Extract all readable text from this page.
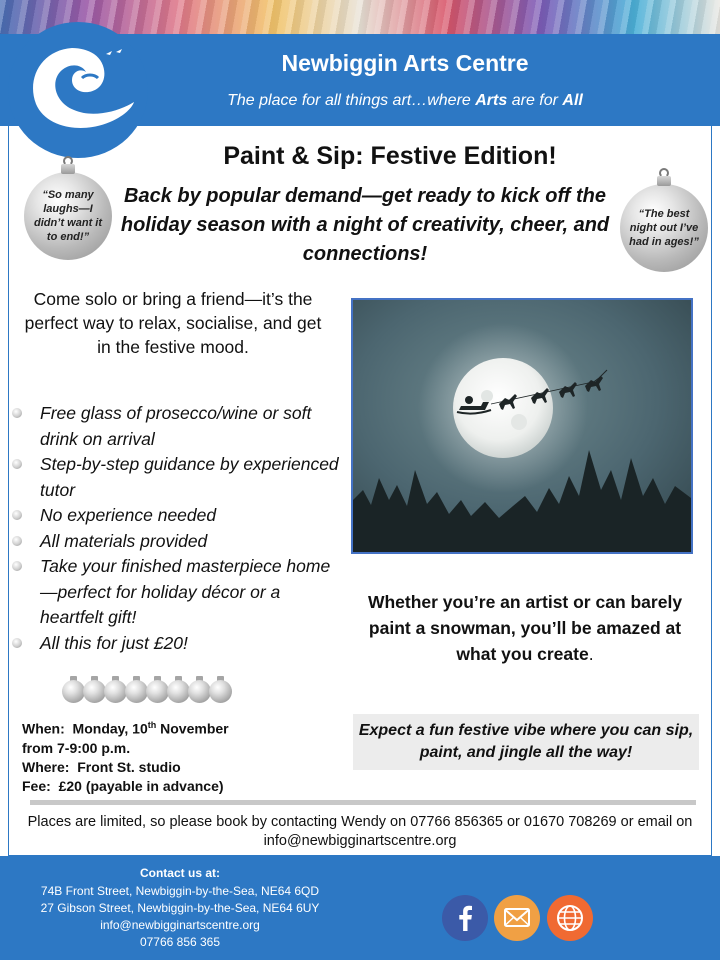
Newbiggin Arts Centre
The place for all things art…where Arts are for All
Paint & Sip: Festive Edition!
Back by popular demand—get ready to kick off the holiday season with a night of creativity, cheer, and connections!
“So many laughs—I didn’t want it to end!”
“The best night out I’ve had in ages!”
Come solo or bring a friend—it’s the perfect way to relax, socialise, and get in the festive mood.
Free glass of prosecco/wine or soft drink on arrival
Step-by-step guidance by experienced tutor
No experience needed
All materials provided
Take your finished masterpiece home—perfect for holiday décor or a heartfelt gift!
All this for just £20!
When: Monday, 10th November
from 7-9:00 p.m.
Where: Front St. studio
Fee: £20 (payable in advance)
Whether you’re an artist or can barely paint a snowman, you’ll be amazed at what you create.
Expect a fun festive vibe where you can sip, paint, and jingle all the way!
Places are limited, so please book by contacting Wendy on 07766 856365 or 01670 708269 or email on info@newbigginartscentre.org
Contact us at:
74B Front Street, Newbiggin-by-the-Sea, NE64 6QD
27 Gibson Street, Newbiggin-by-the-Sea, NE64 6UY
info@newbigginartscentre.org
07766 856 365
